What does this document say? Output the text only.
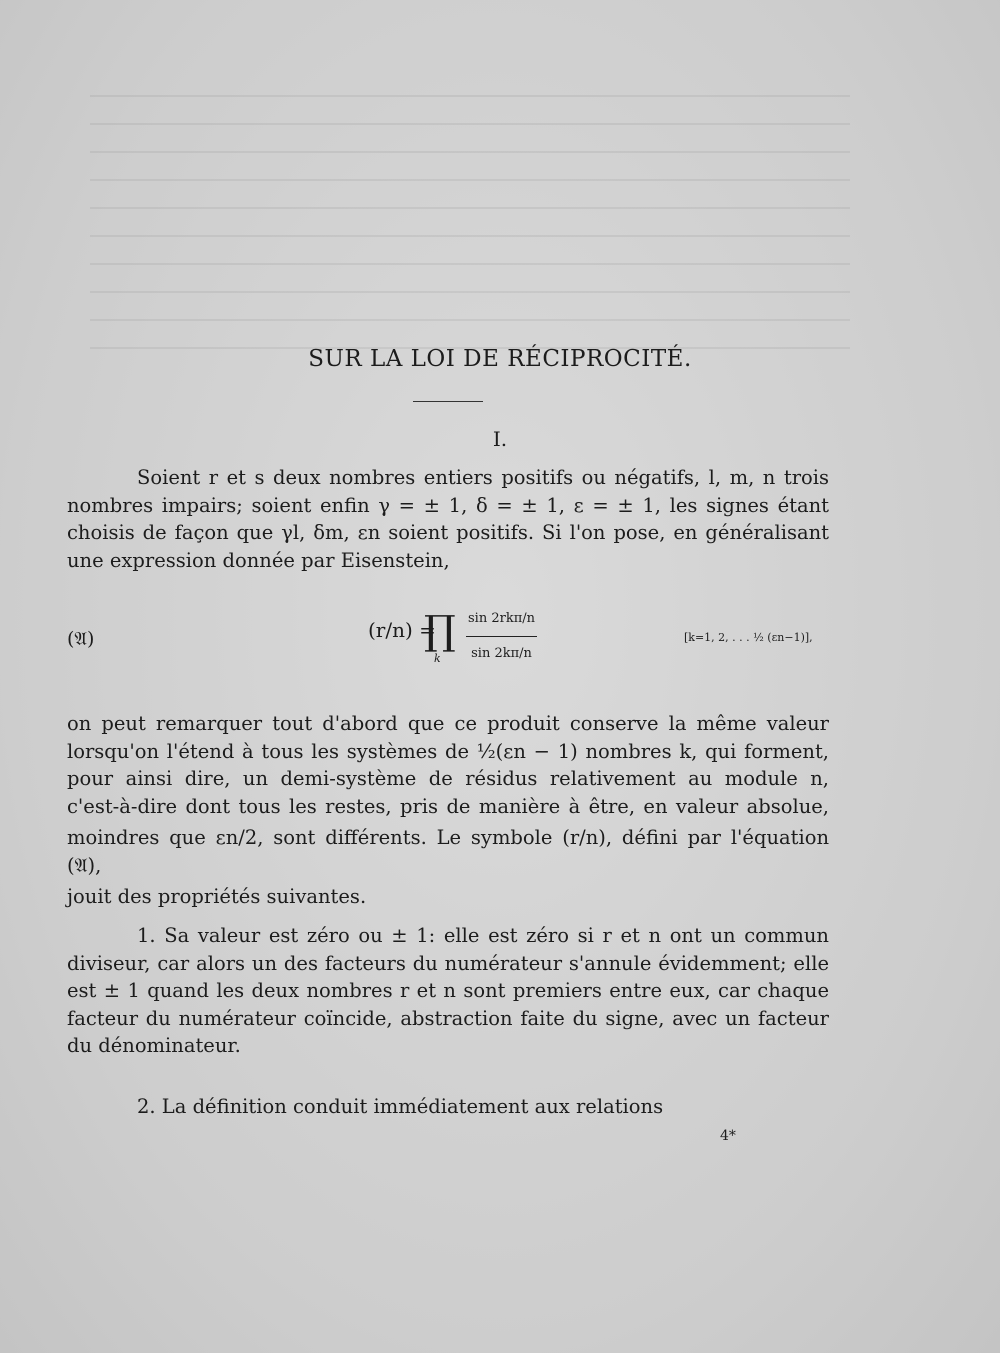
SUR LA LOI DE RÉCIPROCITÉ.
I.
Soient r et s deux nombres entiers positifs ou négatifs, l, m, n trois
nombres impairs; soient enfin γ = ± 1, δ = ± 1, ε = ± 1, les signes étant
choisis de façon que γl, δm, εn soient positifs. Si l'on pose, en généralisant
une expression donnée par Eisenstein,
(𝔄)	(r/n) =
∏
k $\frac{\text{sin 2rkπ/n}}{\sin 2k\pi/n}$	[k=1, 2, . . . ½ (εn−1)],
on peut remarquer tout d'abord que ce produit conserve la même valeur
lorsqu'on l'étend à tous les systèmes de ½(εn − 1) nombres k, qui forment,
pour ainsi dire, un demi-système de résidus relativement au module n,
c'est-à-dire dont tous les restes, pris de manière à être, en valeur absolue,
moindres que εn/2, sont différents. Le symbole (r/n), défini par l'équation (𝔄),
jouit des propriétés suivantes.
1. Sa valeur est zéro ou ± 1: elle est zéro si r et n ont un commun
diviseur, car alors un des facteurs du numérateur s'annule évidemment; elle
est ± 1 quand les deux nombres r et n sont premiers entre eux, car chaque
facteur du numérateur coïncide, abstraction faite du signe, avec un facteur
du dénominateur.
2. La définition conduit immédiatement aux relations
4*
